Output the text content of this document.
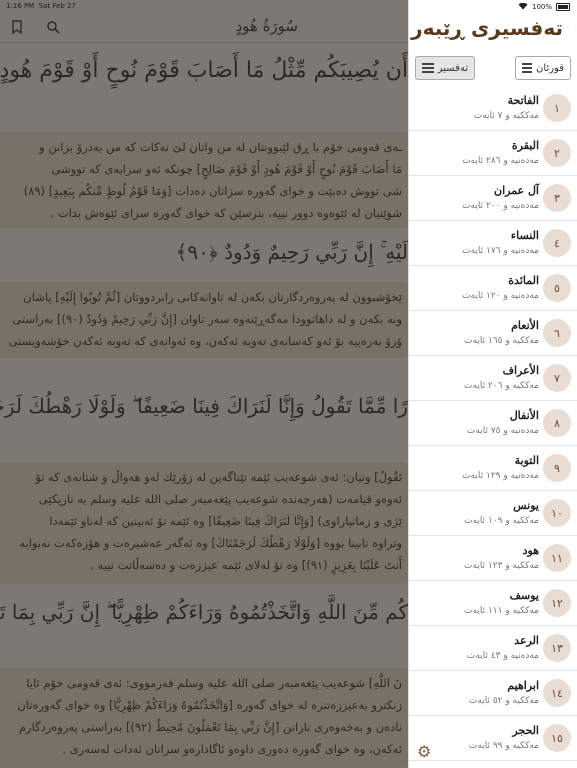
1:16 PM Sat Feb 27	100%
تەفسیری ڕێبەر
قورئان
تەفسیر
١
الفاتحة
مەككیە و ٧ ئایەت
٢
البقرة
مەدەنیە و ٢٨٦ ئایەت
٣
آل عمران
مەدەنیە و ٢٠٠ ئایەت
٤
النساء
مەدەنیە و ١٧٦ ئایەت
٥
المائدة
مەدەنیە و ١٢٠ ئایەت
٦
الأنعام
مەككیە و ١٦٥ ئایەت
٧
الأعراف
مەككیە و ٢٠٦ ئایەت
٨
الأنفال
مەدەنیە و ٧٥ ئایەت
٩
التوبة
مەدەنیە و ١٢٩ ئایەت
١٠
يونس
مەككیە و ١٠٩ ئایەت
١١
هود
مەككیە و ١٢٣ ئایەت
١٢
يوسف
مەككیە و ١١١ ئایەت
١٣
الرعد
مەدەنیە و ٤٣ ئایەت
١٤
ابراهيم
مەككیە و ٥٢ ئایەت
١٥
الحجر
مەككیە و ٩٩ ئایەت
⚙
